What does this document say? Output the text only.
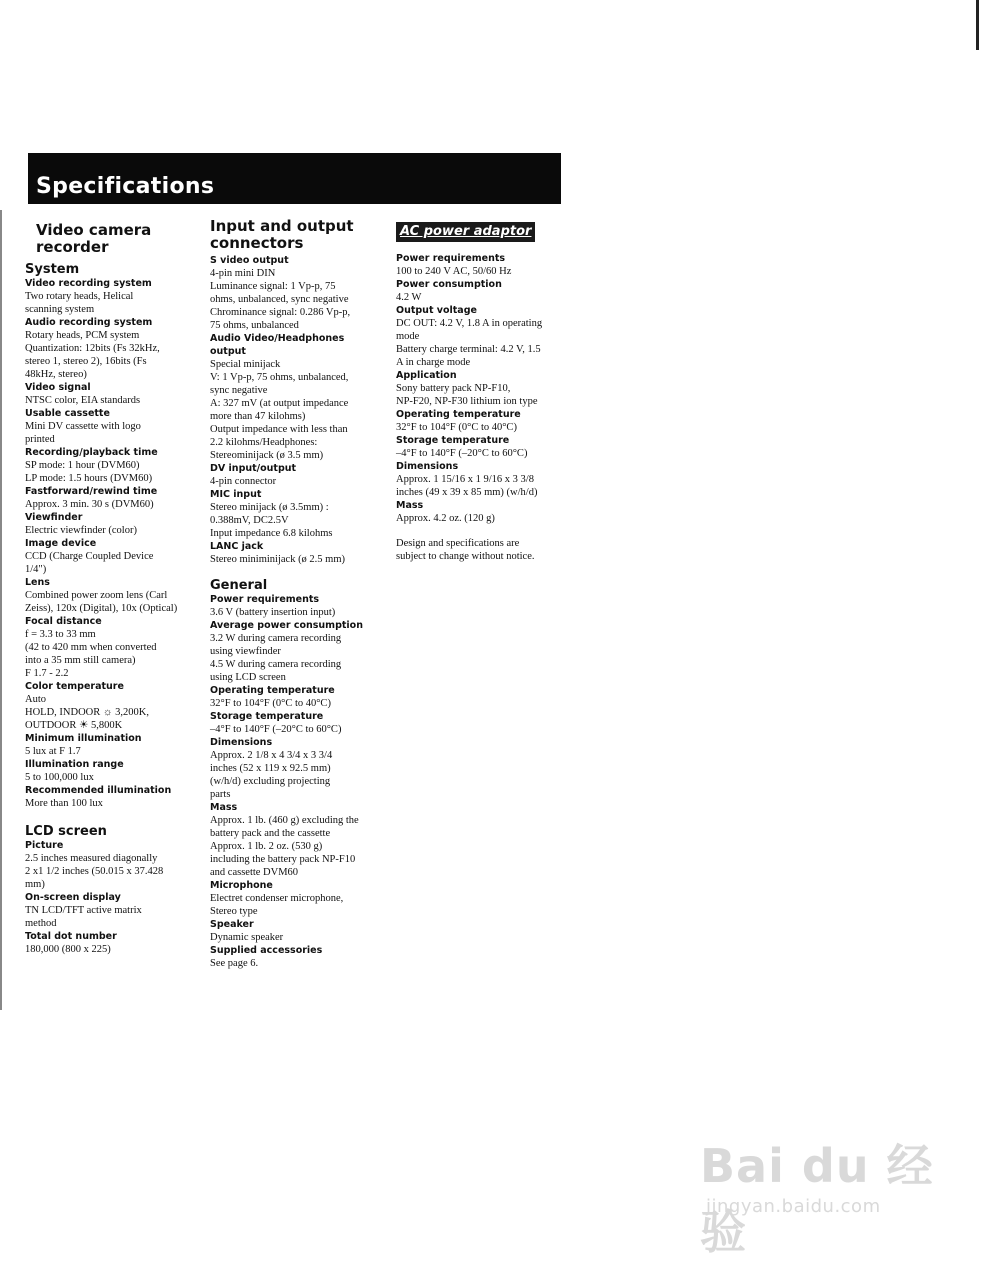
Specifications
Video camera recorder
System
Video recording system
Two rotary heads, Helical
scanning system
Audio recording system
Rotary heads, PCM system
Quantization: 12bits (Fs 32kHz,
stereo 1, stereo 2), 16bits (Fs
48kHz, stereo)
Video signal
NTSC color, EIA standards
Usable cassette
Mini DV cassette with logo
printed
Recording/playback time
SP mode: 1 hour (DVM60)
LP mode: 1.5 hours (DVM60)
Fastforward/rewind time
Approx. 3 min. 30 s (DVM60)
Viewfinder
Electric viewfinder (color)
Image device
CCD (Charge Coupled Device
1/4")
Lens
Combined power zoom lens (Carl
Zeiss), 120x (Digital), 10x (Optical)
Focal distance
f = 3.3 to 33 mm
(42 to 420 mm when converted
into a 35 mm still camera)
F 1.7 - 2.2
Color temperature
Auto
HOLD, INDOOR ☼ 3,200K,
OUTDOOR ☀ 5,800K
Minimum illumination
5 lux at F 1.7
Illumination range
5 to 100,000 lux
Recommended illumination
More than 100 lux
LCD screen
Picture
2.5 inches measured diagonally
2 x1 1/2 inches (50.015 x 37.428
mm)
On-screen display
TN LCD/TFT active matrix
method
Total dot number
180,000 (800 x 225)
Input and output connectors
S video output
4-pin mini DIN
Luminance signal: 1 Vp-p, 75
ohms, unbalanced, sync negative
Chrominance signal: 0.286 Vp-p,
75 ohms, unbalanced
Audio Video/Headphones output
Special minijack
V: 1 Vp-p, 75 ohms, unbalanced,
sync negative
A: 327 mV (at output impedance
more than 47 kilohms)
Output impedance with less than
2.2 kilohms/Headphones:
Stereominijack (ø 3.5 mm)
DV input/output
4-pin connector
MIC input
Stereo minijack (ø 3.5mm) :
0.388mV, DC2.5V
Input impedance 6.8 kilohms
LANC jack
Stereo miniminijack (ø 2.5 mm)
General
Power requirements
3.6 V (battery insertion input)
Average power consumption
3.2 W during camera recording
using viewfinder
4.5 W during camera recording
using LCD screen
Operating temperature
32°F to 104°F (0°C to 40°C)
Storage temperature
–4°F to 140°F (–20°C to 60°C)
Dimensions
Approx. 2 1/8 x 4 3/4 x 3 3/4
inches (52 x 119 x 92.5 mm)
(w/h/d) excluding projecting
parts
Mass
Approx. 1 lb. (460 g) excluding the
battery pack and the cassette
Approx. 1 lb. 2 oz. (530 g)
including the battery pack NP-F10
and cassette DVM60
Microphone
Electret condenser microphone,
Stereo type
Speaker
Dynamic speaker
Supplied accessories
See page 6.
AC power adaptor
Power requirements
100 to 240 V AC, 50/60 Hz
Power consumption
4.2 W
Output voltage
DC OUT: 4.2 V, 1.8 A in operating
mode
Battery charge terminal: 4.2 V, 1.5
A in charge mode
Application
Sony battery pack NP-F10,
NP-F20, NP-F30 lithium ion type
Operating temperature
32°F to 104°F (0°C to 40°C)
Storage temperature
–4°F to 140°F (–20°C to 60°C)
Dimensions
Approx. 1 15/16 x 1 9/16 x 3 3/8
inches (49 x 39 x 85 mm) (w/h/d)
Mass
Approx. 4.2 oz. (120 g)
Design and specifications are
subject to change without notice.
Bai du 经验
jingyan.baidu.com
